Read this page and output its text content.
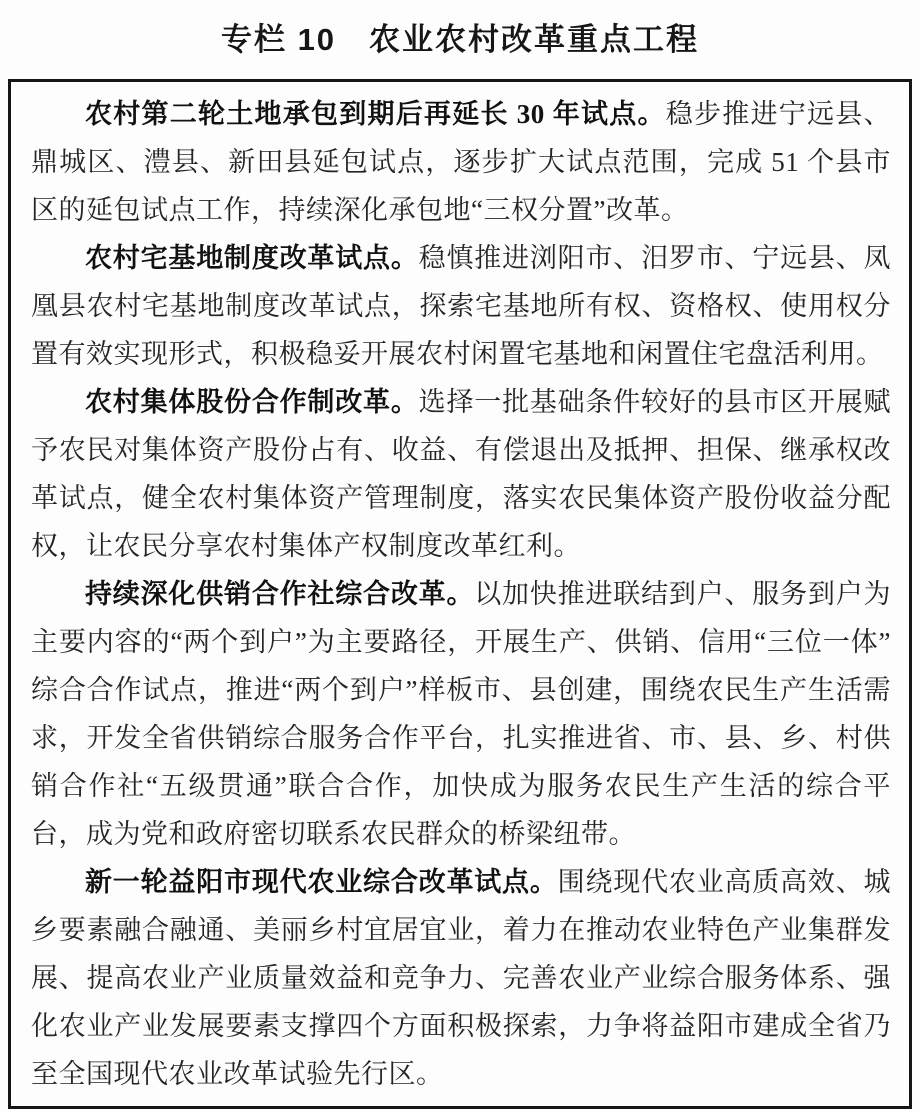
专栏 10　农业农村改革重点工程

农村第二轮土地承包到期后再延长 30 年试点。稳步推进宁远县、鼎城区、澧县、新田县延包试点，逐步扩大试点范围，完成 51 个县市区的延包试点工作，持续深化承包地“三权分置”改革。

农村宅基地制度改革试点。稳慎推进浏阳市、汨罗市、宁远县、凤凰县农村宅基地制度改革试点，探索宅基地所有权、资格权、使用权分置有效实现形式，积极稳妥开展农村闲置宅基地和闲置住宅盘活利用。

农村集体股份合作制改革。选择一批基础条件较好的县市区开展赋予农民对集体资产股份占有、收益、有偿退出及抵押、担保、继承权改革试点，健全农村集体资产管理制度，落实农民集体资产股份收益分配权，让农民分享农村集体产权制度改革红利。

持续深化供销合作社综合改革。以加快推进联结到户、服务到户为主要内容的“两个到户”为主要路径，开展生产、供销、信用“三位一体”综合合作试点，推进“两个到户”样板市、县创建，围绕农民生产生活需求，开发全省供销综合服务合作平台，扎实推进省、市、县、乡、村供销合作社“五级贯通”联合合作，加快成为服务农民生产生活的综合平台，成为党和政府密切联系农民群众的桥梁纽带。

新一轮益阳市现代农业综合改革试点。围绕现代农业高质高效、城乡要素融合融通、美丽乡村宜居宜业，着力在推动农业特色产业集群发展、提高农业产业质量效益和竞争力、完善农业产业综合服务体系、强化农业产业发展要素支撑四个方面积极探索，力争将益阳市建成全省乃至全国现代农业改革试验先行区。
